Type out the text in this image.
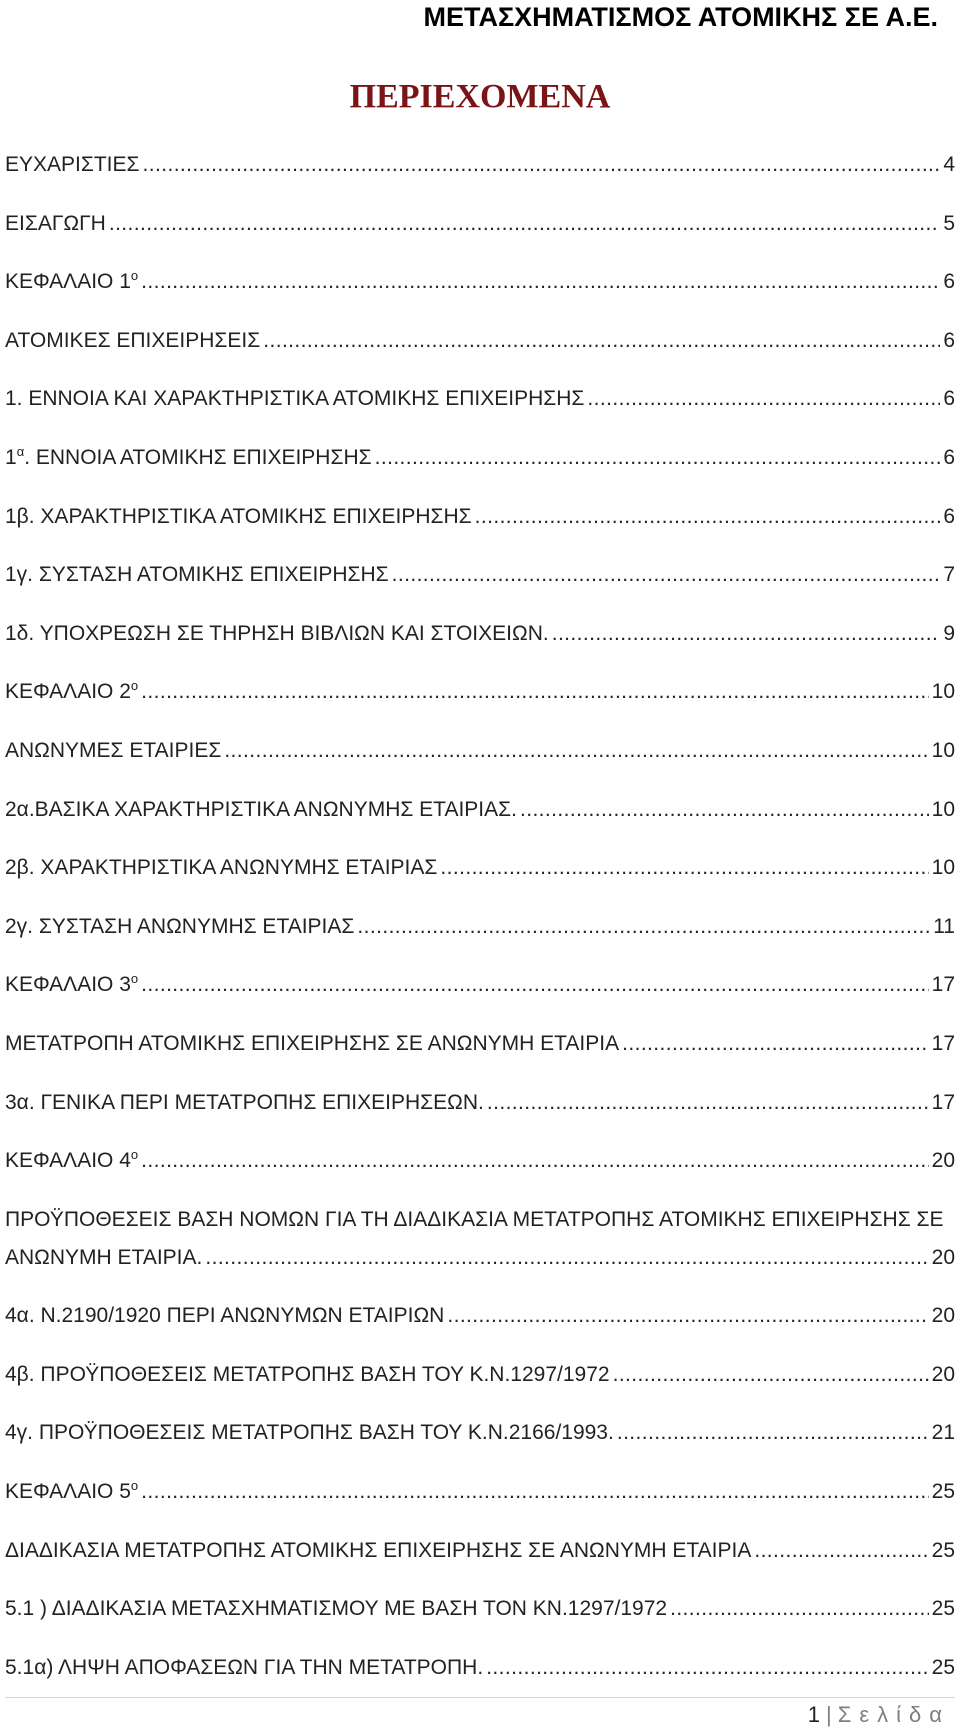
ΜΕΤΑΣΧΗΜΑΤΙΣΜΟΣ ΑΤΟΜΙΚΗΣ ΣΕ Α.Ε.
ΠΕΡΙΕΧΟΜΕΝΑ
ΕΥΧΑΡΙΣΤΙΕΣ .....	4
ΕΙΣΑΓΩΓΗ .....	5
ΚΕΦΑΛΑΙΟ $1^o$ .....	6
ΑΤΟΜΙΚΕΣ ΕΠΙΧΕΙΡΗΣΕΙΣ .....	6
1. ΕΝΝΟΙΑ ΚΑΙ ΧΑΡΑΚΤΗΡΙΣΤΙΚΑ ΑΤΟΜΙΚΗΣ ΕΠΙΧΕΙΡΗΣΗΣ .....	6
$1^\alpha$. ΕΝΝΟΙΑ ΑΤΟΜΙΚΗΣ ΕΠΙΧΕΙΡΗΣΗΣ .....	6
1β. ΧΑΡΑΚΤΗΡΙΣΤΙΚΑ ΑΤΟΜΙΚΗΣ ΕΠΙΧΕΙΡΗΣΗΣ .....	6
1γ. ΣΥΣΤΑΣΗ ΑΤΟΜΙΚΗΣ ΕΠΙΧΕΙΡΗΣΗΣ .....	7
1δ. ΥΠΟΧΡΕΩΣΗ ΣΕ ΤΗΡΗΣΗ ΒΙΒΛΙΩΝ ΚΑΙ ΣΤΟΙΧΕΙΩΝ. .....	9
ΚΕΦΑΛΑΙΟ $2^o$ .....	10
ΑΝΩΝΥΜΕΣ ΕΤΑΙΡΙΕΣ .....	10
2α.ΒΑΣΙΚΑ ΧΑΡΑΚΤΗΡΙΣΤΙΚΑ ΑΝΩΝΥΜΗΣ ΕΤΑΙΡΙΑΣ. .....	10
2β. ΧΑΡΑΚΤΗΡΙΣΤΙΚΑ ΑΝΩΝΥΜΗΣ ΕΤΑΙΡΙΑΣ .....	10
2γ. ΣΥΣΤΑΣΗ ΑΝΩΝΥΜΗΣ ΕΤΑΙΡΙΑΣ .....	11
ΚΕΦΑΛΑΙΟ $3^o$ .....	17
ΜΕΤΑΤΡΟΠΗ ΑΤΟΜΙΚΗΣ ΕΠΙΧΕΙΡΗΣΗΣ ΣΕ ΑΝΩΝΥΜΗ ΕΤΑΙΡΙΑ .....	17
3α. ΓΕΝΙΚΑ ΠΕΡΙ ΜΕΤΑΤΡΟΠΗΣ ΕΠΙΧΕΙΡΗΣΕΩΝ. .....	17
ΚΕΦΑΛΑΙΟ $4^o$ .....	20
ΠΡΟΫΠΟΘΕΣΕΙΣ ΒΑΣΗ ΝΟΜΩΝ ΓΙΑ ΤΗ ΔΙΑΔΙΚΑΣΙΑ ΜΕΤΑΤΡΟΠΗΣ ΑΤΟΜΙΚΗΣ ΕΠΙΧΕΙΡΗΣΗΣ ΣΕ
ΑΝΩΝΥΜΗ ΕΤΑΙΡΙΑ. .....	20
4α. Ν.2190/1920 ΠΕΡΙ ΑΝΩΝΥΜΩΝ ΕΤΑΙΡΙΩΝ .....	20
4β. ΠΡΟΫΠΟΘΕΣΕΙΣ ΜΕΤΑΤΡΟΠΗΣ ΒΑΣΗ ΤΟΥ Κ.Ν.1297/1972 .....	20
4γ. ΠΡΟΫΠΟΘΕΣΕΙΣ ΜΕΤΑΤΡΟΠΗΣ ΒΑΣΗ ΤΟΥ Κ.Ν.2166/1993. .....	21
ΚΕΦΑΛΑΙΟ $5^o$ .....	25
ΔΙΑΔΙΚΑΣΙΑ ΜΕΤΑΤΡΟΠΗΣ ΑΤΟΜΙΚΗΣ ΕΠΙΧΕΙΡΗΣΗΣ ΣΕ ΑΝΩΝΥΜΗ ΕΤΑΙΡΙΑ .....	25
5.1 ) ΔΙΑΔΙΚΑΣΙΑ ΜΕΤΑΣΧΗΜΑΤΙΣΜΟΥ ΜΕ ΒΑΣΗ ΤΟΝ ΚΝ.1297/1972 .....	25
5.1α) ΛΗΨΗ ΑΠΟΦΑΣΕΩΝ ΓΙΑ ΤΗΝ ΜΕΤΑΤΡΟΠΗ. .....	25
1 | Σελίδα
